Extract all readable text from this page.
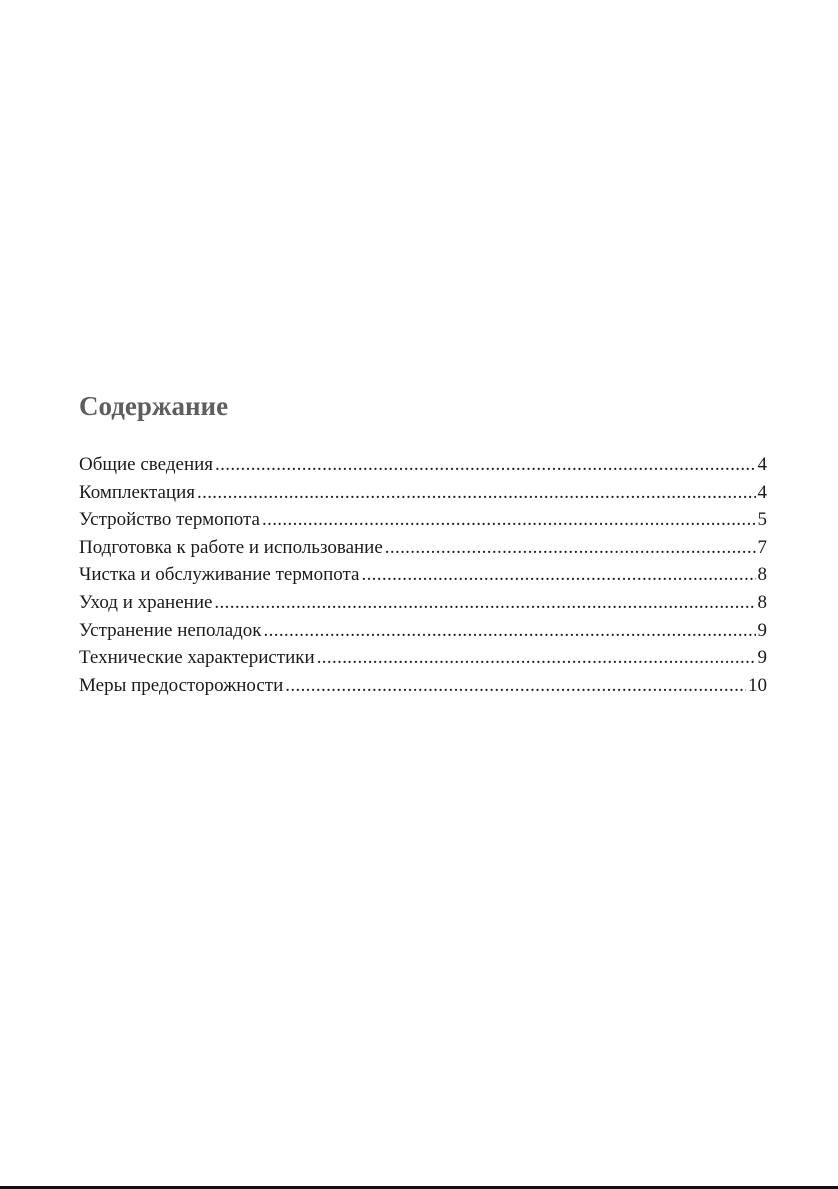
Содержание
Общие сведения . . .	4
Комплектация . . .	4
Устройство термопота . . .	5
Подготовка к работе и использование . . .	7
Чистка и обслуживание термопота . . .	8
Уход и хранение . . .	8
Устранение неполадок . . .	9
Технические характеристики . . .	9
Меры предосторожности . . .	10
